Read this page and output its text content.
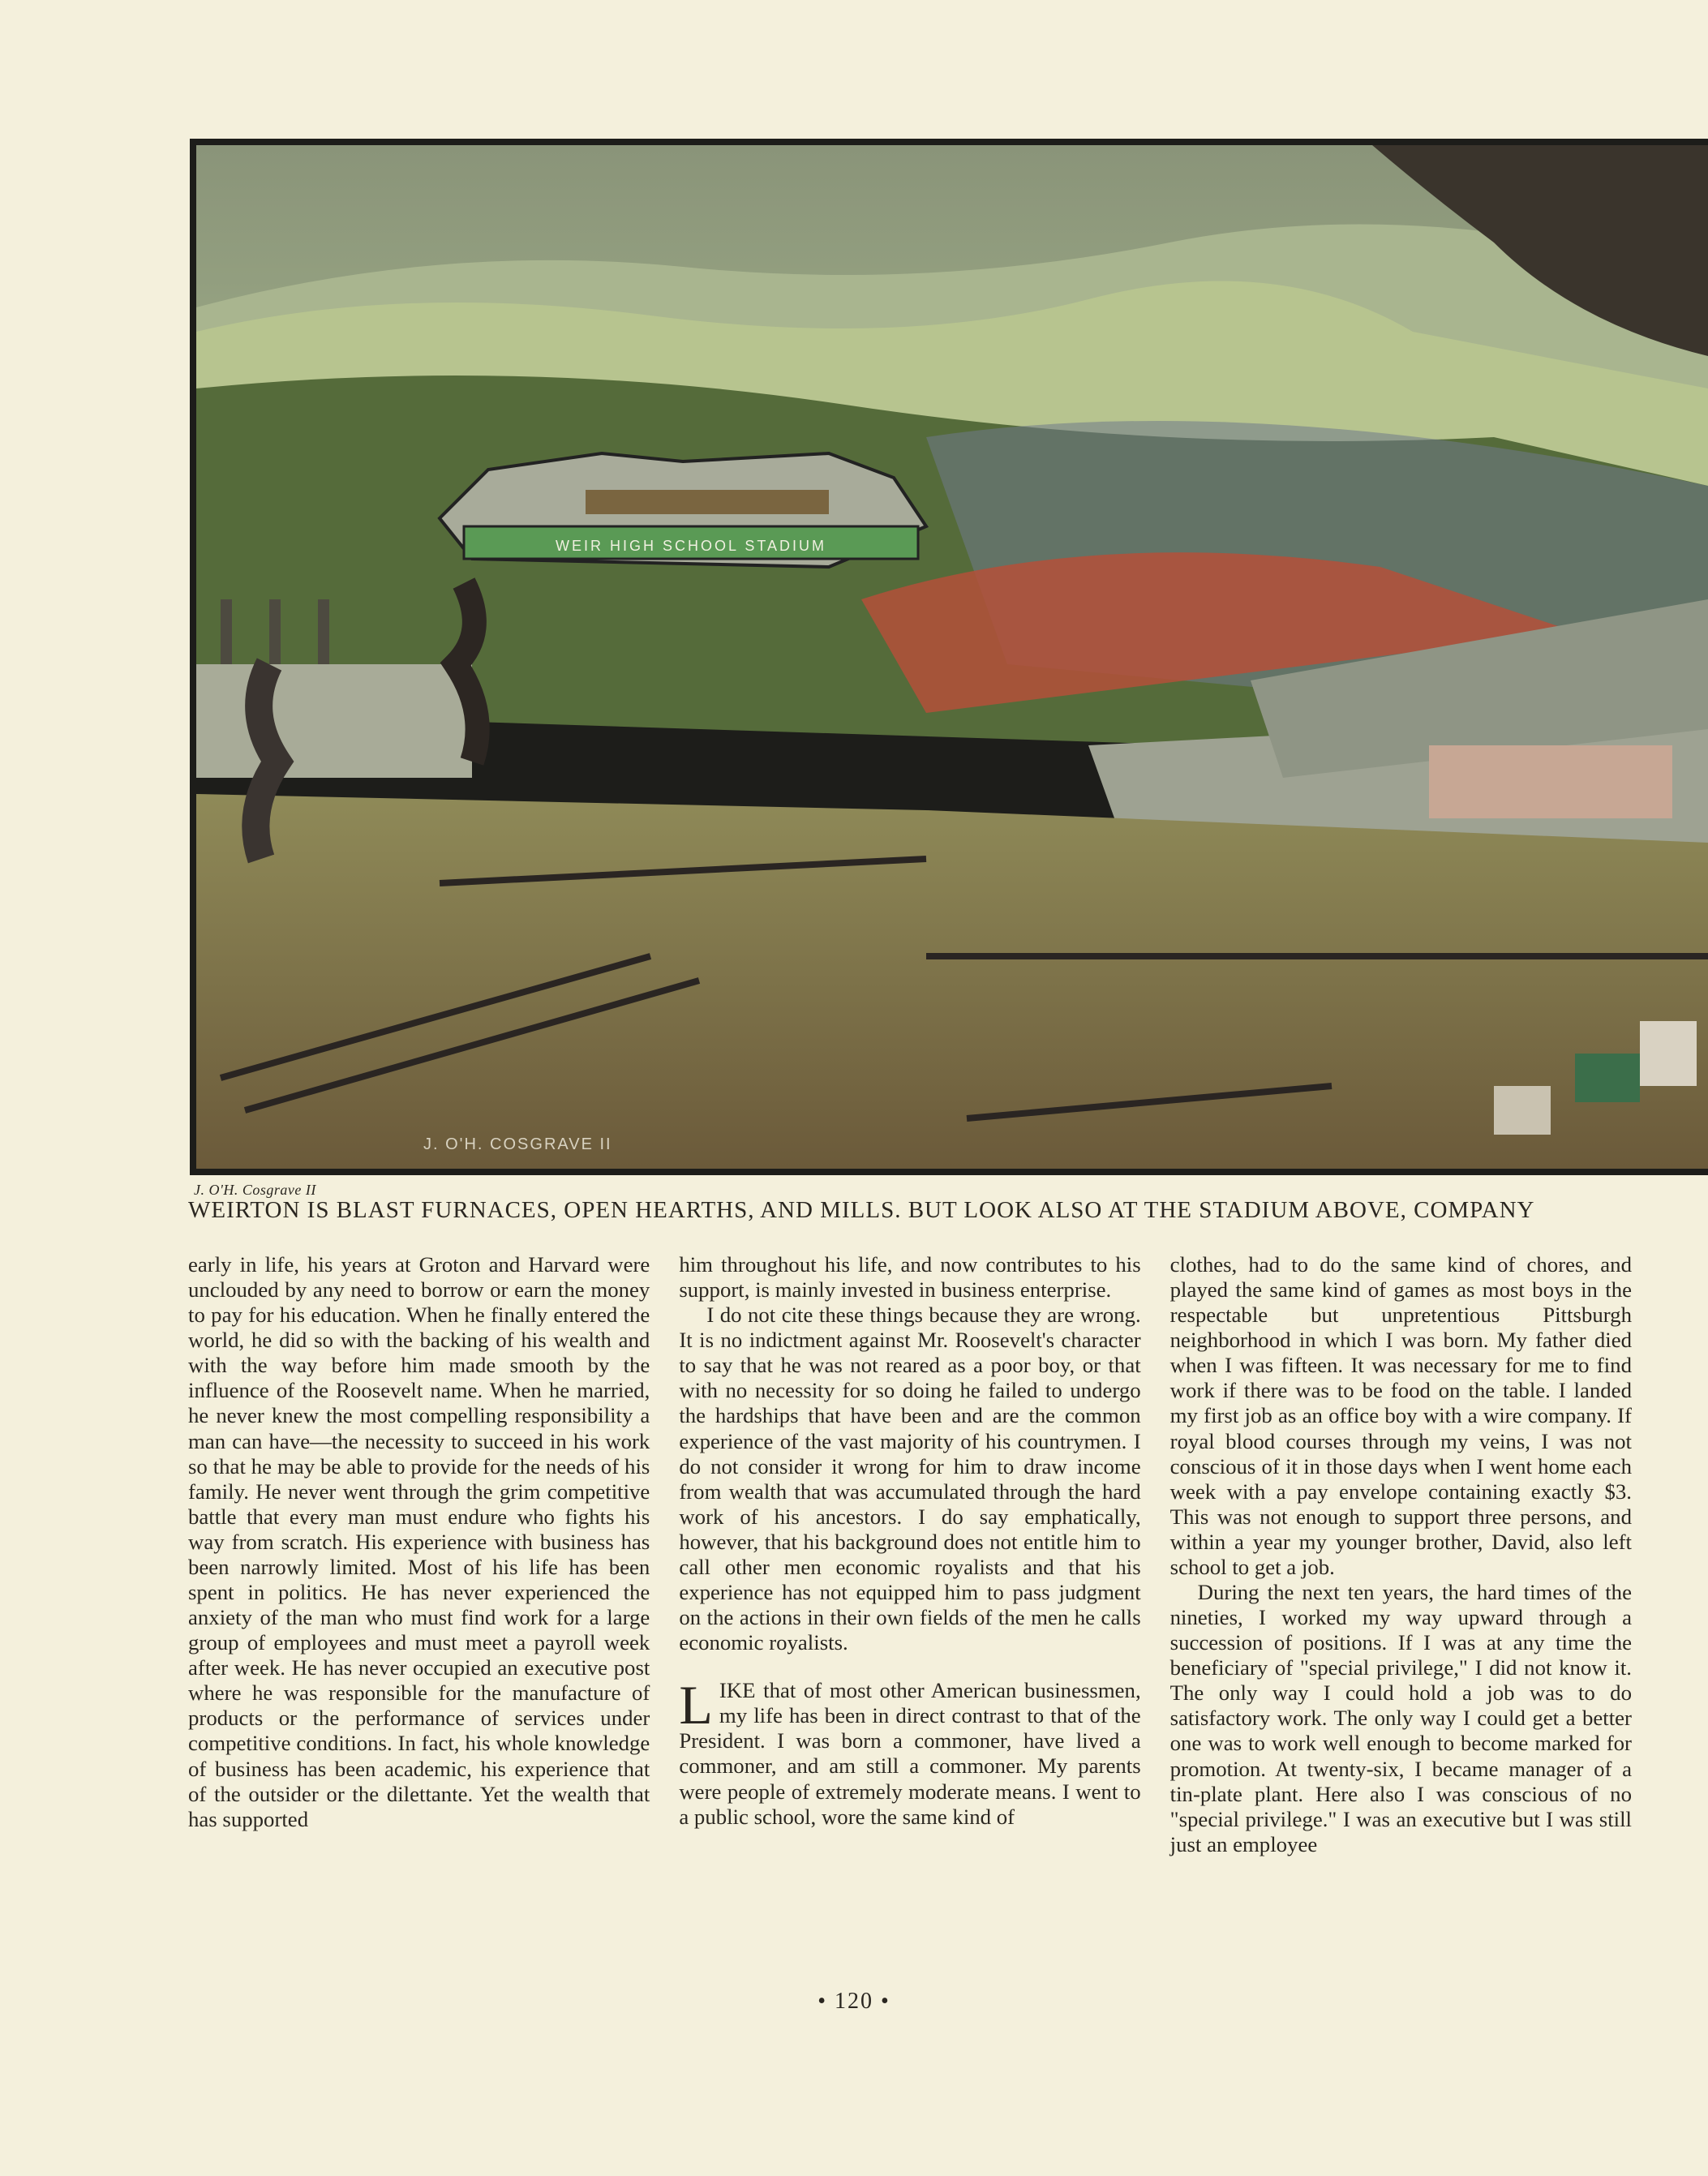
WEIR HIGH SCHOOL STADIUM
J. O'H. COSGRAVE II
J. O'H. Cosgrave II
WEIRTON IS BLAST FURNACES, OPEN HEARTHS, AND MILLS. BUT LOOK ALSO AT THE STADIUM ABOVE, COMPANY

early in life, his years at Groton and Harvard were unclouded by any need to borrow or earn the money to pay for his education. When he finally entered the world, he did so with the backing of his wealth and with the way before him made smooth by the influence of the Roosevelt name. When he married, he never knew the most compelling responsibility a man can have—the necessity to succeed in his work so that he may be able to provide for the needs of his family. He never went through the grim competitive battle that every man must endure who fights his way from scratch. His experience with business has been narrowly limited. Most of his life has been spent in politics. He has never experienced the anxiety of the man who must find work for a large group of employees and must meet a payroll week after week. He has never occupied an executive post where he was responsible for the manufacture of products or the performance of services under competitive conditions. In fact, his whole knowledge of business has been academic, his experience that of the outsider or the dilettante. Yet the wealth that has supported

him throughout his life, and now contributes to his support, is mainly invested in business enterprise.

I do not cite these things because they are wrong. It is no indictment against Mr. Roosevelt's character to say that he was not reared as a poor boy, or that with no necessity for so doing he failed to undergo the hardships that have been and are the common experience of the vast majority of his countrymen. I do not consider it wrong for him to draw income from wealth that was accumulated through the hard work of his ancestors. I do say emphatically, however, that his background does not entitle him to call other men economic royalists and that his experience has not equipped him to pass judgment on the actions in their own fields of the men he calls economic royalists.

LIKE that of most other American businessmen, my life has been in direct contrast to that of the President. I was born a commoner, have lived a commoner, and am still a commoner. My parents were people of extremely moderate means. I went to a public school, wore the same kind of

clothes, had to do the same kind of chores, and played the same kind of games as most boys in the respectable but unpretentious Pittsburgh neighborhood in which I was born. My father died when I was fifteen. It was necessary for me to find work if there was to be food on the table. I landed my first job as an office boy with a wire company. If royal blood courses through my veins, I was not conscious of it in those days when I went home each week with a pay envelope containing exactly $3. This was not enough to support three persons, and within a year my younger brother, David, also left school to get a job.

During the next ten years, the hard times of the nineties, I worked my way upward through a succession of positions. If I was at any time the beneficiary of "special privilege," I did not know it. The only way I could hold a job was to do satisfactory work. The only way I could get a better one was to work well enough to become marked for promotion. At twenty-six, I became manager of a tin-plate plant. Here also I was conscious of no "special privilege." I was an executive but I was still just an employee

• 120 •
